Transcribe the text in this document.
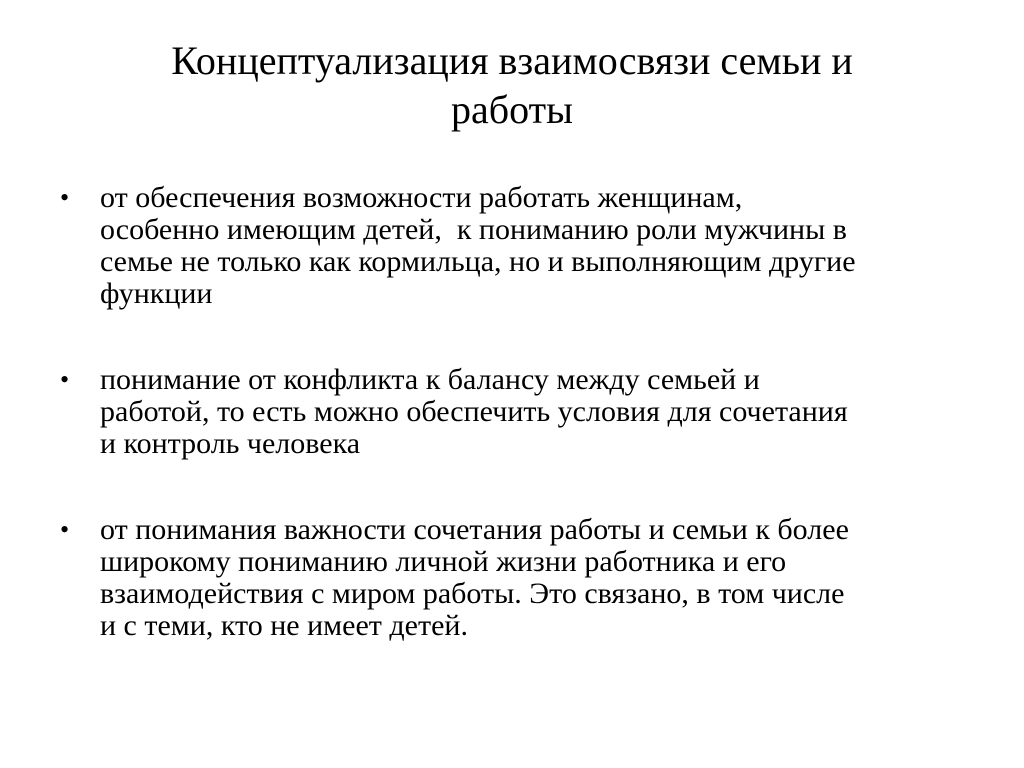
Концептуализация взаимосвязи семьи и
работы
• от обеспечения возможности работать женщинам,
особенно имеющим детей,  к пониманию роли мужчины в
семье не только как кормильца, но и выполняющим другие
функции
• понимание от конфликта к балансу между семьей и
работой, то есть можно обеспечить условия для сочетания
и контроль человека
• от понимания важности сочетания работы и семьи к более
широкому пониманию личной жизни работника и его
взаимодействия с миром работы. Это связано, в том числе
и с теми, кто не имеет детей.
